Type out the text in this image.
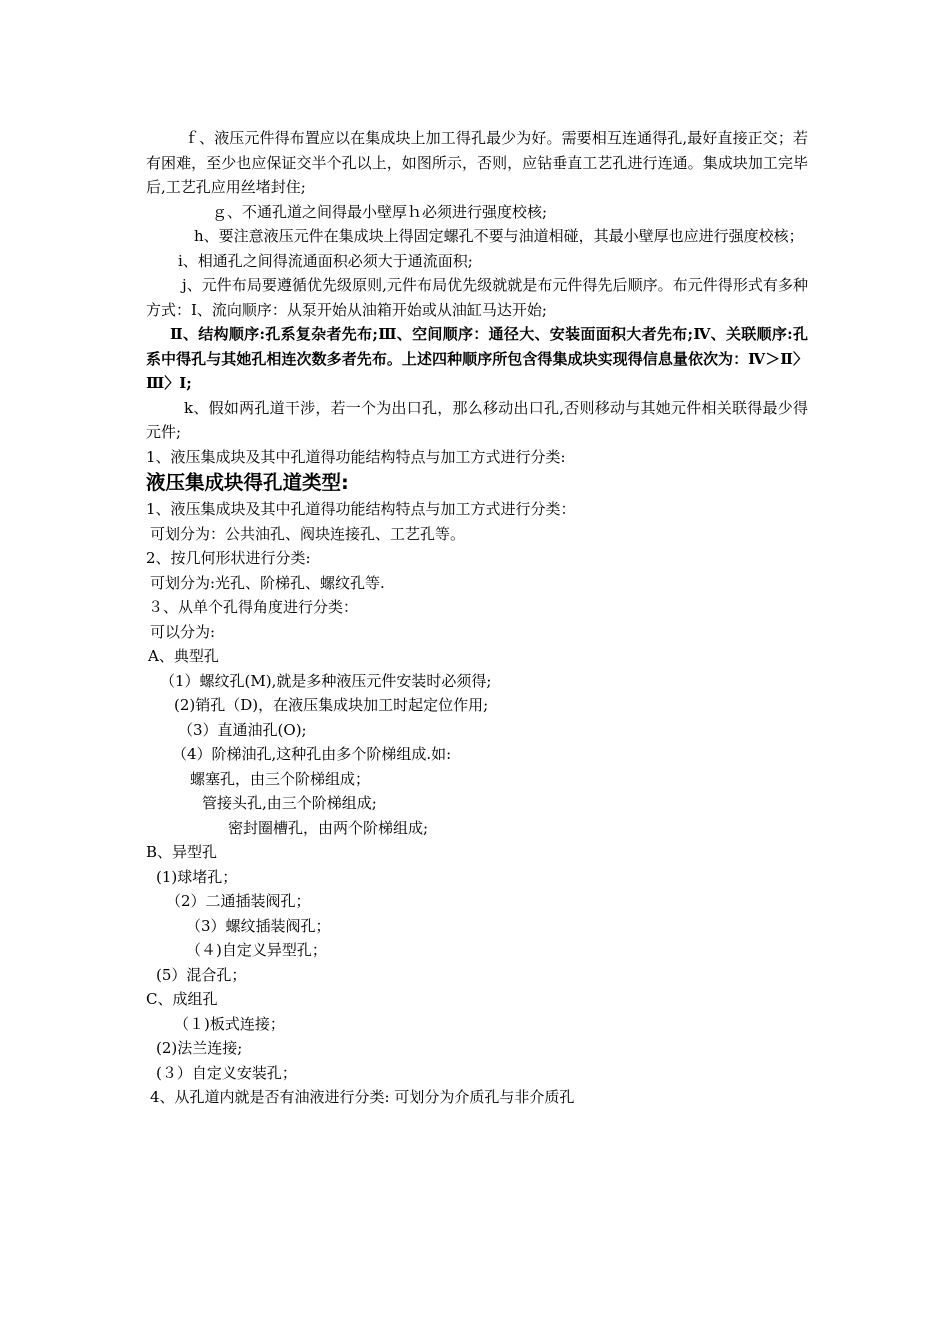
ｆ、液压元件得布置应以在集成块上加工得孔最少为好。需要相互连通得孔,最好直接正交；若有困难，至少也应保证交半个孔以上，如图所示，否则，应钻垂直工艺孔进行连通。集成块加工完毕后,工艺孔应用丝堵封住;

ｇ、不通孔道之间得最小壁厚ｈ必须进行强度校核;

h、要注意液压元件在集成块上得固定螺孔不要与油道相碰，其最小壁厚也应进行强度校核；

i、相通孔之间得流通面积必须大于通流面积;

j、元件布局要遵循优先级原则,元件布局优先级就就是布元件得先后顺序。布元件得形式有多种方式：Ⅰ、流向顺序：从泵开始从油箱开始或从油缸马达开始;

Ⅱ、结构顺序:孔系复杂者先布;Ⅲ、空间顺序：通径大、安装面面积大者先布;Ⅳ、关联顺序:孔系中得孔与其她孔相连次数多者先布。上述四种顺序所包含得集成块实现得信息量依次为：Ⅳ＞Ⅱ〉Ⅲ〉Ⅰ;

k、假如两孔道干涉，若一个为出口孔，那么移动出口孔,否则移动与其她元件相关联得最少得元件;

1、液压集成块及其中孔道得功能结构特点与加工方式进行分类:

液压集成块得孔道类型:

1、液压集成块及其中孔道得功能结构特点与加工方式进行分类：

可划分为：公共油孔、阀块连接孔、工艺孔等。

2、按几何形状进行分类:

可划分为:光孔、阶梯孔、螺纹孔等.

３、从单个孔得角度进行分类：

可以分为:

A、典型孔

（1）螺纹孔(M),就是多种液压元件安装时必须得;

(2)销孔（D)，在液压集成块加工时起定位作用;

（3）直通油孔(O);

（4）阶梯油孔,这种孔由多个阶梯组成.如:

螺塞孔，由三个阶梯组成；

管接头孔,由三个阶梯组成;

密封圈槽孔，由两个阶梯组成;

B、异型孔

(1)球堵孔；

（2）二通插装阀孔；

（3）螺纹插装阀孔；

（４)自定义异型孔；

(5）混合孔；

C、成组孔

（１)板式连接；

(2)法兰连接;

(３）自定义安装孔；

4、从孔道内就是否有油液进行分类: 可划分为介质孔与非介质孔
